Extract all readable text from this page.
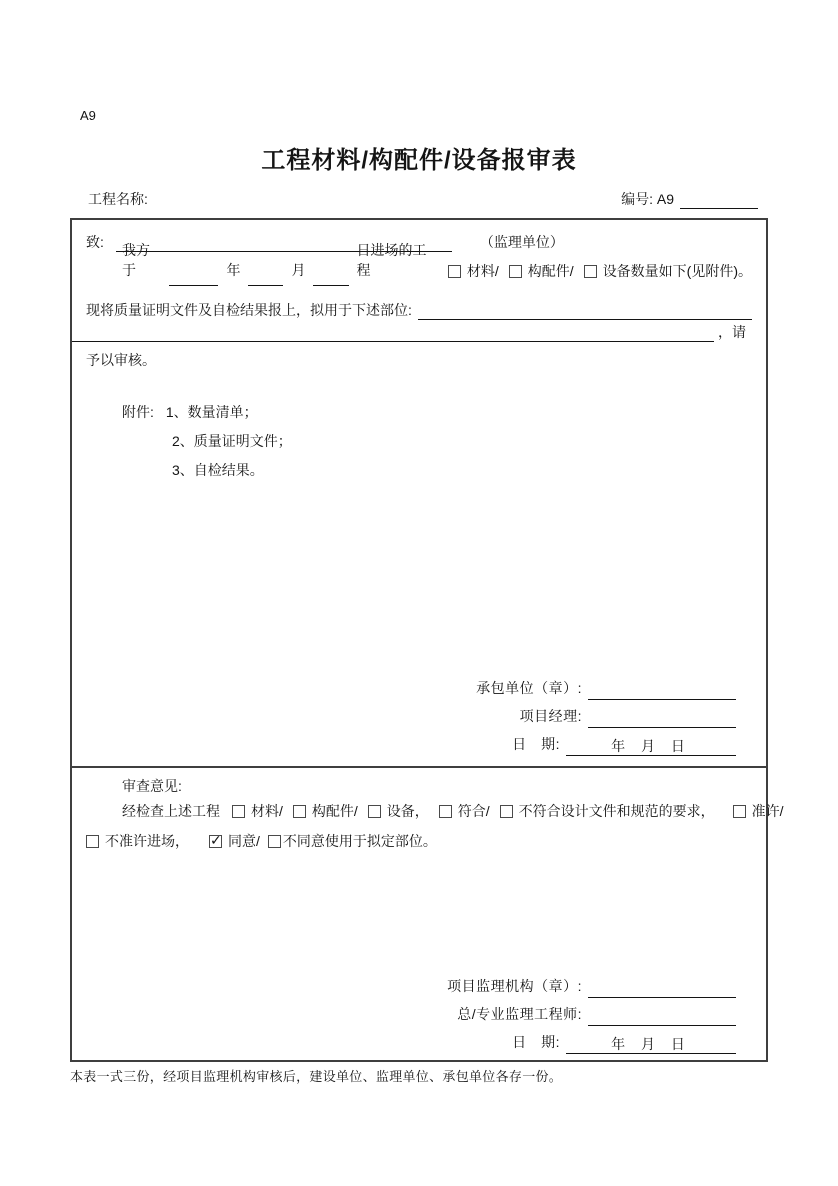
A9
工程材料/构配件/设备报审表
工程名称:	编号: A9
致:	（监理单位）
我方于	年	月
日进场的工程	材料/ 构配件/ 设备数量如下(见附件)。
现将质量证明文件及自检结果报上，拟用于下述部位:
，请
予以审核。
附件: 1、数量清单；
2、质量证明文件；
3、自检结果。
承包单位（章）:
项目经理:
日　期:	年 月 日
审查意见:
经检查上述工程 材料/ 构配件/ 设备， 符合/ 不符合设计文件和规范的要求，	准许/
不准许进场， ✓	同意/ 不同意使用于拟定部位。
项目监理机构（章）:
总/专业监理工程师:
日　期:	年 月 日
本表一式三份，经项目监理机构审核后，建设单位、监理单位、承包单位各存一份。
